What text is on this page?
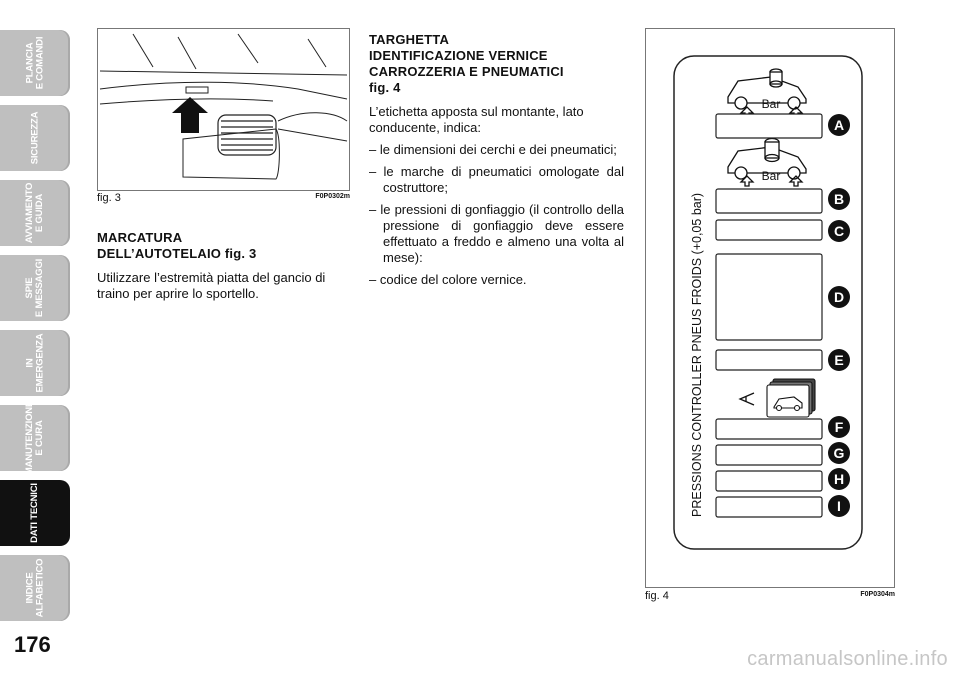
PLANCIA
E COMANDI
SICUREZZA
AVVIAMENTO
E GUIDA
SPIE
E MESSAGGI
IN
EMERGENZA
MANUTENZIONE
E CURA
DATI TECNICI
INDICE
ALFABETICO
176
fig. 3	F0P0302m
MARCATURA
DELL’AUTOTELAIO fig. 3

Utilizzare l’estremità piatta del gancio di traino per aprire lo sportello.

TARGHETTA
IDENTIFICAZIONE VERNICE
CARROZZERIA E PNEUMATICI
fig. 4

L’etichetta apposta sul montante, lato conducente, indica:

– le dimensioni dei cerchi e dei pneumatici;
– le marche di pneumatici omologate dal costruttore;
– le pressioni di gonfiaggio (il controllo della pressione di gonfiaggio deve essere effettuato a freddo e almeno una volta al mese):
– codice del colore vernice.	PRESSIONS CONTROLLER PNEUS FROIDS (+0,05 bar)
Bar
Bar
A
B
C
D
E
F
G
H
I
fig. 4	F0P0304m
carmanualsonline.info
